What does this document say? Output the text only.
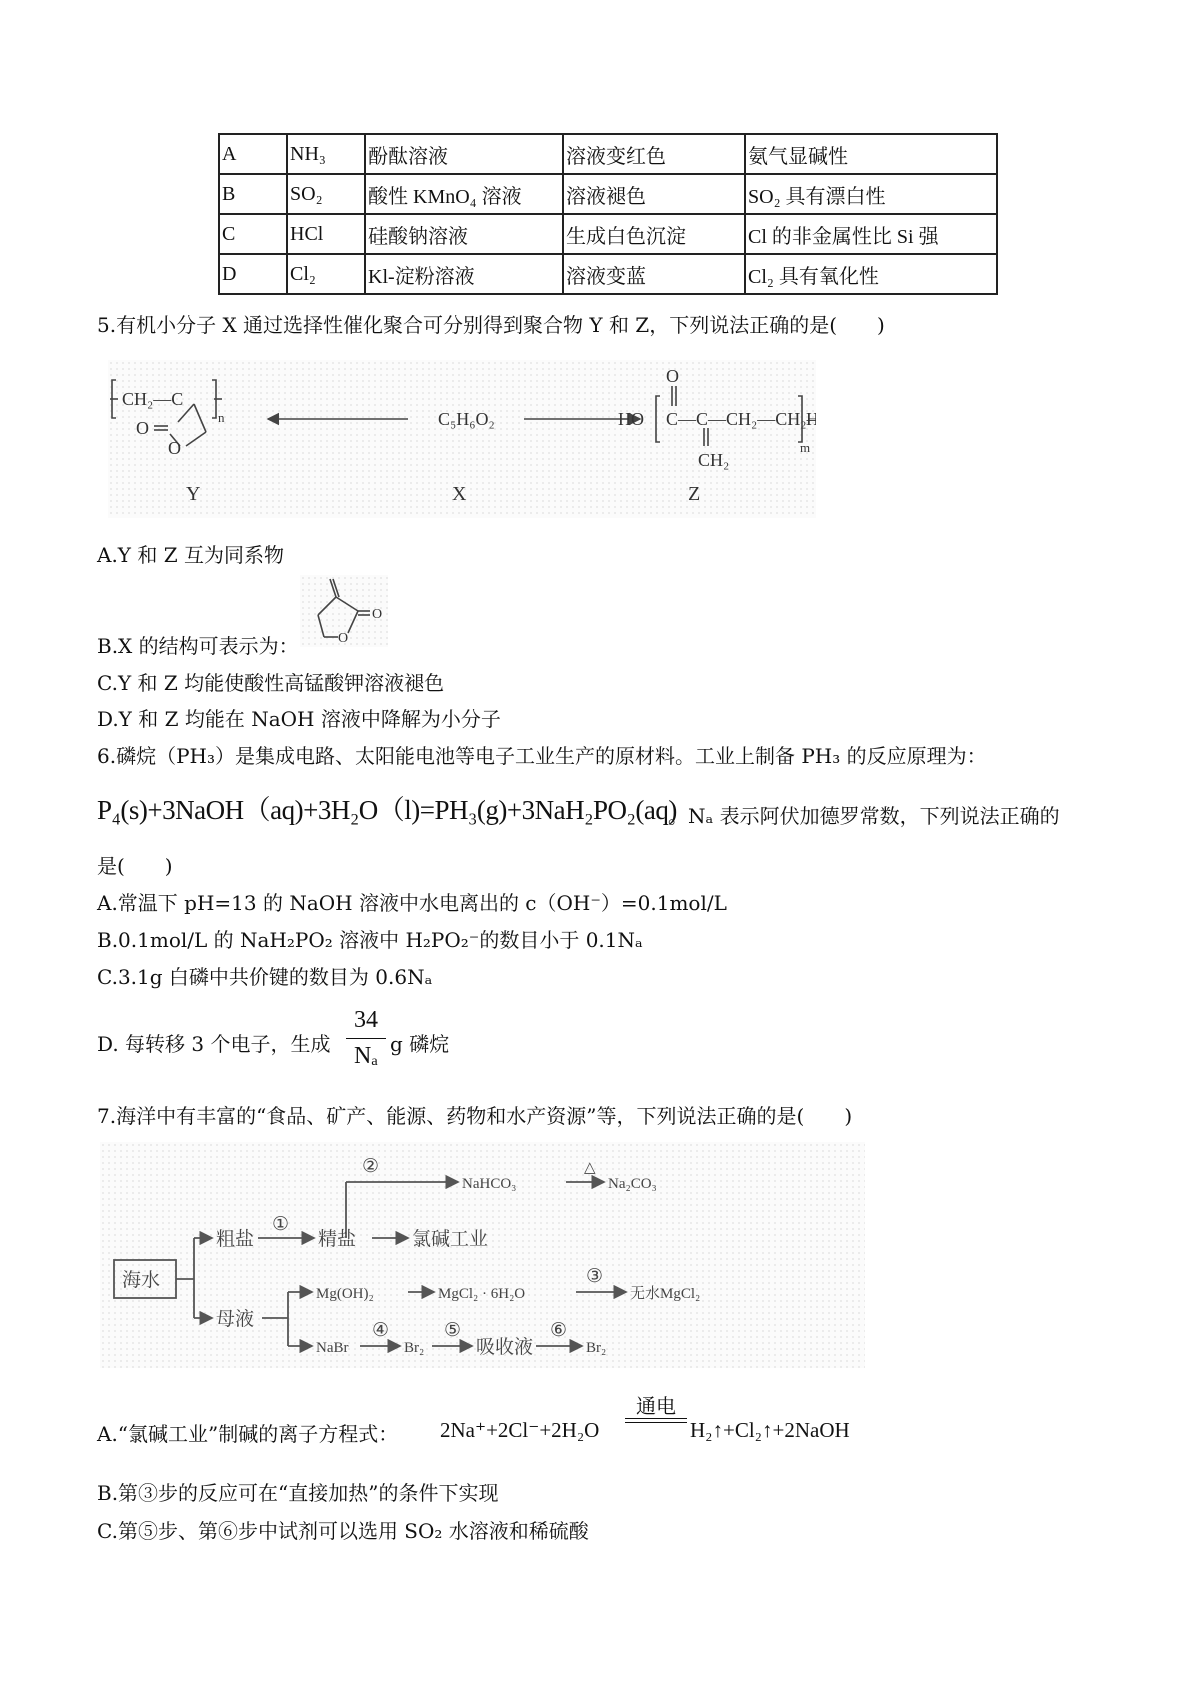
A	NH₃	酚酞溶液	溶液变红色	氨气显碱性
B	SO₂	酸性 KMnO₄ 溶液	溶液褪色	SO₂ 具有漂白性
C	HCl	硅酸钠溶液	生成白色沉淀	Cl 的非金属性比 Si 强
D	Cl₂	Kl-淀粉溶液	溶液变蓝	Cl₂ 具有氧化性
5.有机小分子 X 通过选择性催化聚合可分别得到聚合物 Y 和 Z，下列说法正确的是(　　)
CH₂—C
n
O
O
C₅H₆O₂	HO
O
C—C—CH₂—CH₂ H
m
CH₂
Y	X	Z
A.Y 和 Z 互为同系物
O
O
B.X 的结构可表示为：
C.Y 和 Z 均能使酸性高锰酸钾溶液褪色
D.Y 和 Z 均能在 NaOH 溶液中降解为小分子
6.磷烷（PH₃）是集成电路、太阳能电池等电子工业生产的原材料。工业上制备 PH₃ 的反应原理为：
P₄(s)+3NaOH（aq)+3H₂O（l)=PH₃(g)+3NaH₂PO₂(aq)
。Nₐ 表示阿伏加德罗常数，下列说法正确的
是(　　)
A.常温下 pH=13 的 NaOH 溶液中水电离出的 c（OH⁻）=0.1mol/L
B.0.1mol/L 的 NaH₂PO₂ 溶液中 H₂PO₂⁻的数目小于 0.1Nₐ
C.3.1g 白磷中共价键的数目为 0.6Nₐ
D. 每转移 3 个电子，生成
34
Nₐ g 磷烷
7.海洋中有丰富的“食品、矿产、能源、药物和水产资源”等，下列说法正确的是(　　)
海水
粗盐	精盐	氯碱工业
母液
NaHCO₃	Na₂CO₃
Mg(OH)₂	MgCl₂ · 6H₂O	无水MgCl₂
NaBr	Br₂	吸收液	Br₂
①
②	△
③
④	⑤	⑥
A.“氯碱工业”制碱的离子方程式： 2Na⁺+2Cl⁻+2H₂O
通电
H₂↑+Cl₂↑+2NaOH
B.第③步的反应可在“直接加热”的条件下实现
C.第⑤步、第⑥步中试剂可以选用 SO₂ 水溶液和稀硫酸
